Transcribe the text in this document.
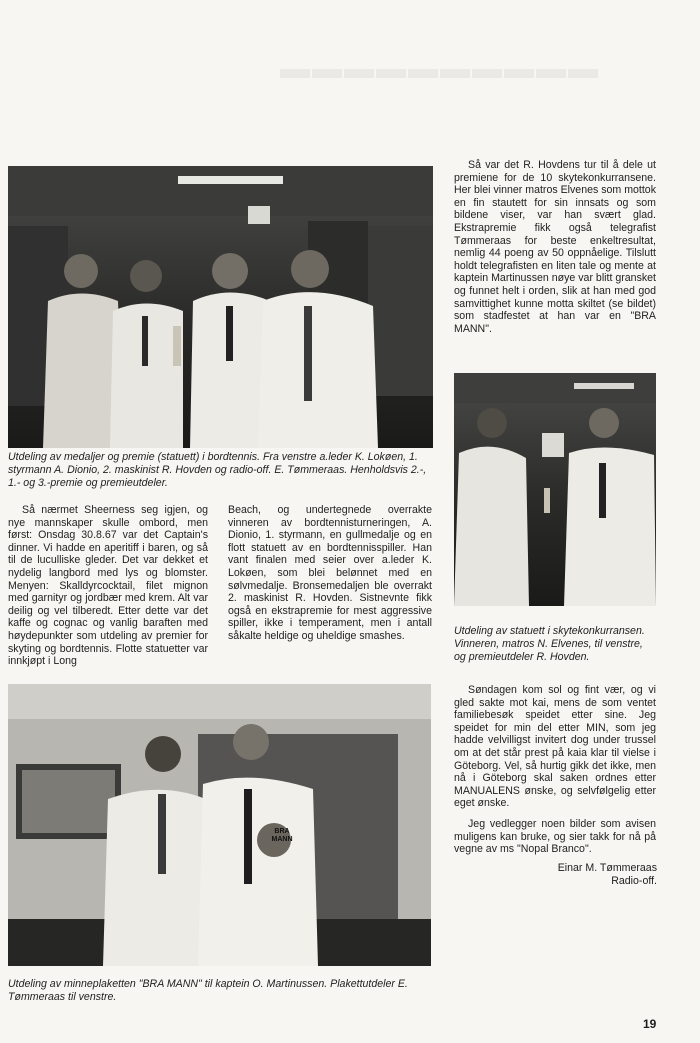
▬▬▬▬▬▬▬▬▬▬

Utdeling av medaljer og premie (statuett) i bordtennis. Fra venstre a.leder K. Lokøen, 1. styrmann A. Dionio, 2. maskinist R. Hovden og radio-off. E. Tømmeraas. Henholdsvis 2.-, 1.- og 3.-premie og premieutdeler.

Så nærmet Sheerness seg igjen, og nye mannskaper skulle ombord, men først: Onsdag 30.8.67 var det Captain's dinner. Vi hadde en aperitiff i baren, og så til de luculliske gleder. Det var dekket et nydelig langbord med lys og blomster. Menyen: Skalldyrcocktail, filet mignon med garnityr og jordbær med krem. Alt var deilig og vel tilberedt. Etter dette var det kaffe og cognac og vanlig baraften med høydepunkter som utdeling av premier for skyting og bordtennis. Flotte statuetter var innkjøpt i Long

Beach, og undertegnede overrakte vinneren av bordtennisturneringen, A. Dionio, 1. styrmann, en gullmedalje og en flott statuett av en bordtennisspiller. Han vant finalen med seier over a.leder K. Lokøen, som blei belønnet med en sølvmedalje. Bronsemedaljen ble overrakt 2. maskinist R. Hovden. Sistnevnte fikk også en ekstrapremie for mest aggressive spiller, ikke i temperament, men i antall såkalte heldige og uheldige smashes.

Så var det R. Hovdens tur til å dele ut premiene for de 10 skytekonkurransene. Her blei vinner matros Elvenes som mottok en fin stautett for sin innsats og som bildene viser, var han svært glad. Ekstrapremie fikk også telegrafist Tømmeraas for beste enkeltresultat, nemlig 44 poeng av 50 oppnåelige. Tilslutt holdt telegrafisten en liten tale og mente at kaptein Martinussen nøye var blitt gransket og funnet helt i orden, slik at han med god samvittighet kunne motta skiltet (se bildet) som stadfestet at han var en "BRA MANN".

Utdeling av statuett i skytekonkurransen. Vinneren, matros N. Elvenes, til venstre, og premieutdeler R. Hovden.

BRA MANN

Utdeling av minneplaketten "BRA MANN" til kaptein O. Martinussen. Plakettutdeler E. Tømmeraas til venstre.

Søndagen kom sol og fint vær, og vi gled sakte mot kai, mens de som ventet familiebesøk speidet etter sine. Jeg speidet for min del etter MIN, som jeg hadde velvilligst invitert dog under trussel om at det står prest på kaia klar til vielse i Göteborg. Vel, så hurtig gikk det ikke, men nå i Göteborg skal saken ordnes etter MANUALENS ønske, og selvfølgelig etter eget ønske.

Jeg vedlegger noen bilder som avisen muligens kan bruke, og sier takk for nå på vegne av ms "Nopal Branco".

Einar M. Tømmeraas
Radio-off.
19
